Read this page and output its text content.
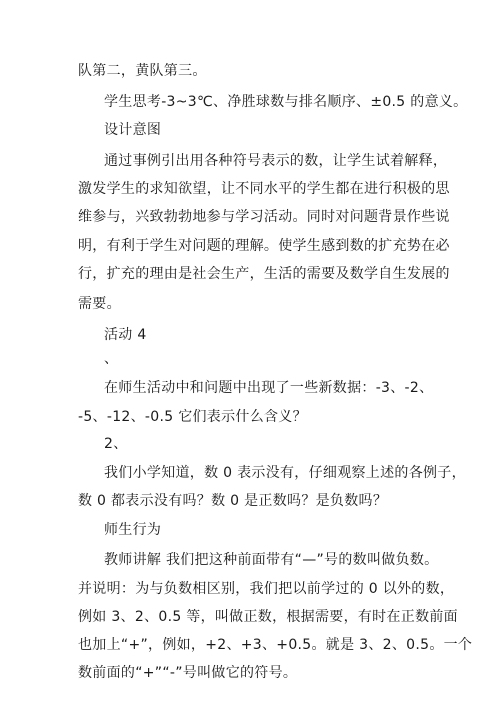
队第二，黄队第三。
学生思考-3~3℃、净胜球数与排名顺序、±0.5 的意义。
设计意图
通过事例引出用各种符号表示的数，让学生试着解释，
激发学生的求知欲望，让不同水平的学生都在进行积极的思
维参与，兴致勃勃地参与学习活动。同时对问题背景作些说
明，有利于学生对问题的理解。使学生感到数的扩充势在必
行，扩充的理由是社会生产，生活的需要及数学自生发展的
需要。
活动 4
、
在师生活动中和问题中出现了一些新数据：-3、-2、
-5、-12、-0.5 它们表示什么含义？
2、
我们小学知道，数 0 表示没有，仔细观察上述的各例子，
数 0 都表示没有吗？数 0 是正数吗？是负数吗？
师生行为
教师讲解 我们把这种前面带有“—”号的数叫做负数。
并说明：为与负数相区别，我们把以前学过的 0 以外的数，
例如 3、2、0.5 等，叫做正数，根据需要，有时在正数前面
也加上“+”，例如，+2、+3、+0.5。就是 3、2、0.5。一个
数前面的“+”“-”号叫做它的符号。
